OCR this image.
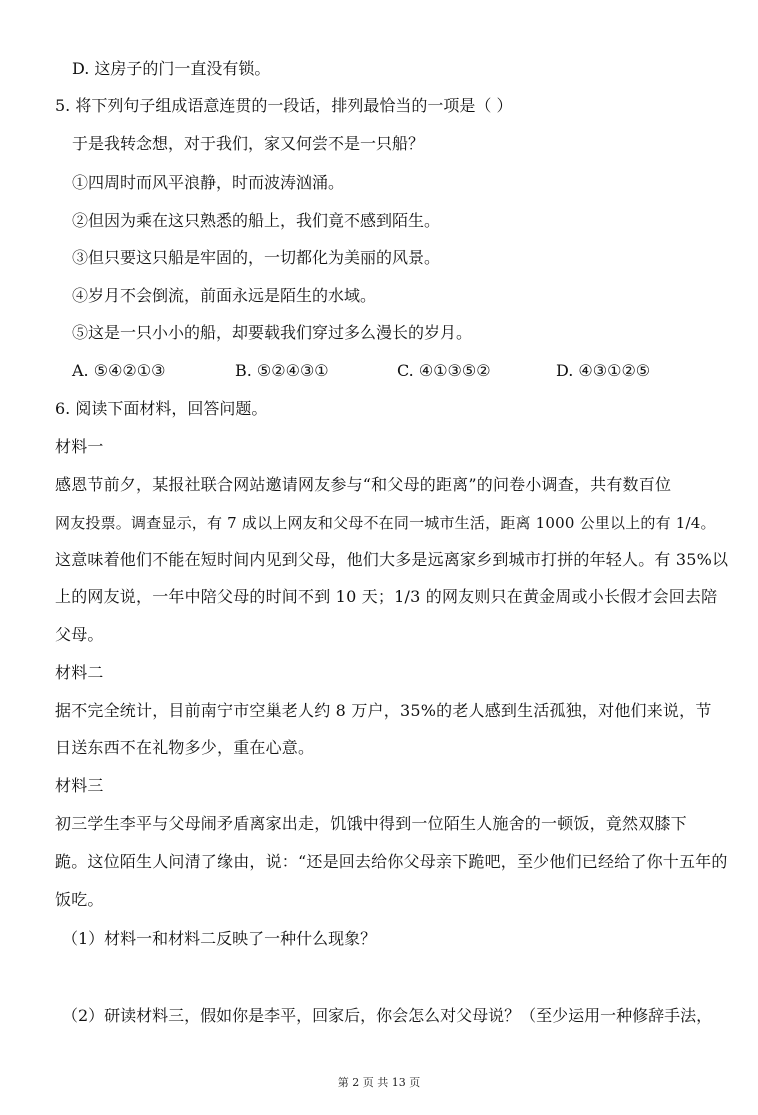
D. 这房子的门一直没有锁。

5. 将下列句子组成语意连贯的一段话，排列最恰当的一项是（ ）

于是我转念想，对于我们，家又何尝不是一只船？

①四周时而风平浪静，时而波涛汹涌。

②但因为乘在这只熟悉的船上，我们竟不感到陌生。

③但只要这只船是牢固的，一切都化为美丽的风景。

④岁月不会倒流，前面永远是陌生的水域。

⑤这是一只小小的船，却要载我们穿过多么漫长的岁月。

A. ⑤④②①③	B. ⑤②④③①	C. ④①③⑤②	D. ④③①②⑤

6. 阅读下面材料，回答问题。

材料一

感恩节前夕，某报社联合网站邀请网友参与“和父母的距离”的问卷小调查，共有数百位

网友投票。调查显示，有 7 成以上网友和父母不在同一城市生活，距离 1000 公里以上的有 1/4。

这意味着他们不能在短时间内见到父母，他们大多是远离家乡到城市打拼的年轻人。有 35%以

上的网友说，一年中陪父母的时间不到 10 天；1/3 的网友则只在黄金周或小长假才会回去陪

父母。

材料二

据不完全统计，目前南宁市空巢老人约 8 万户，35%的老人感到生活孤独，对他们来说，节

日送东西不在礼物多少，重在心意。

材料三

初三学生李平与父母闹矛盾离家出走，饥饿中得到一位陌生人施舍的一顿饭，竟然双膝下

跪。这位陌生人问清了缘由，说：“还是回去给你父母亲下跪吧，至少他们已经给了你十五年的

饭吃。

（1）材料一和材料二反映了一种什么现象？

（2）研读材料三，假如你是李平，回家后，你会怎么对父母说？（至少运用一种修辞手法，

第 2 页 共 13 页
